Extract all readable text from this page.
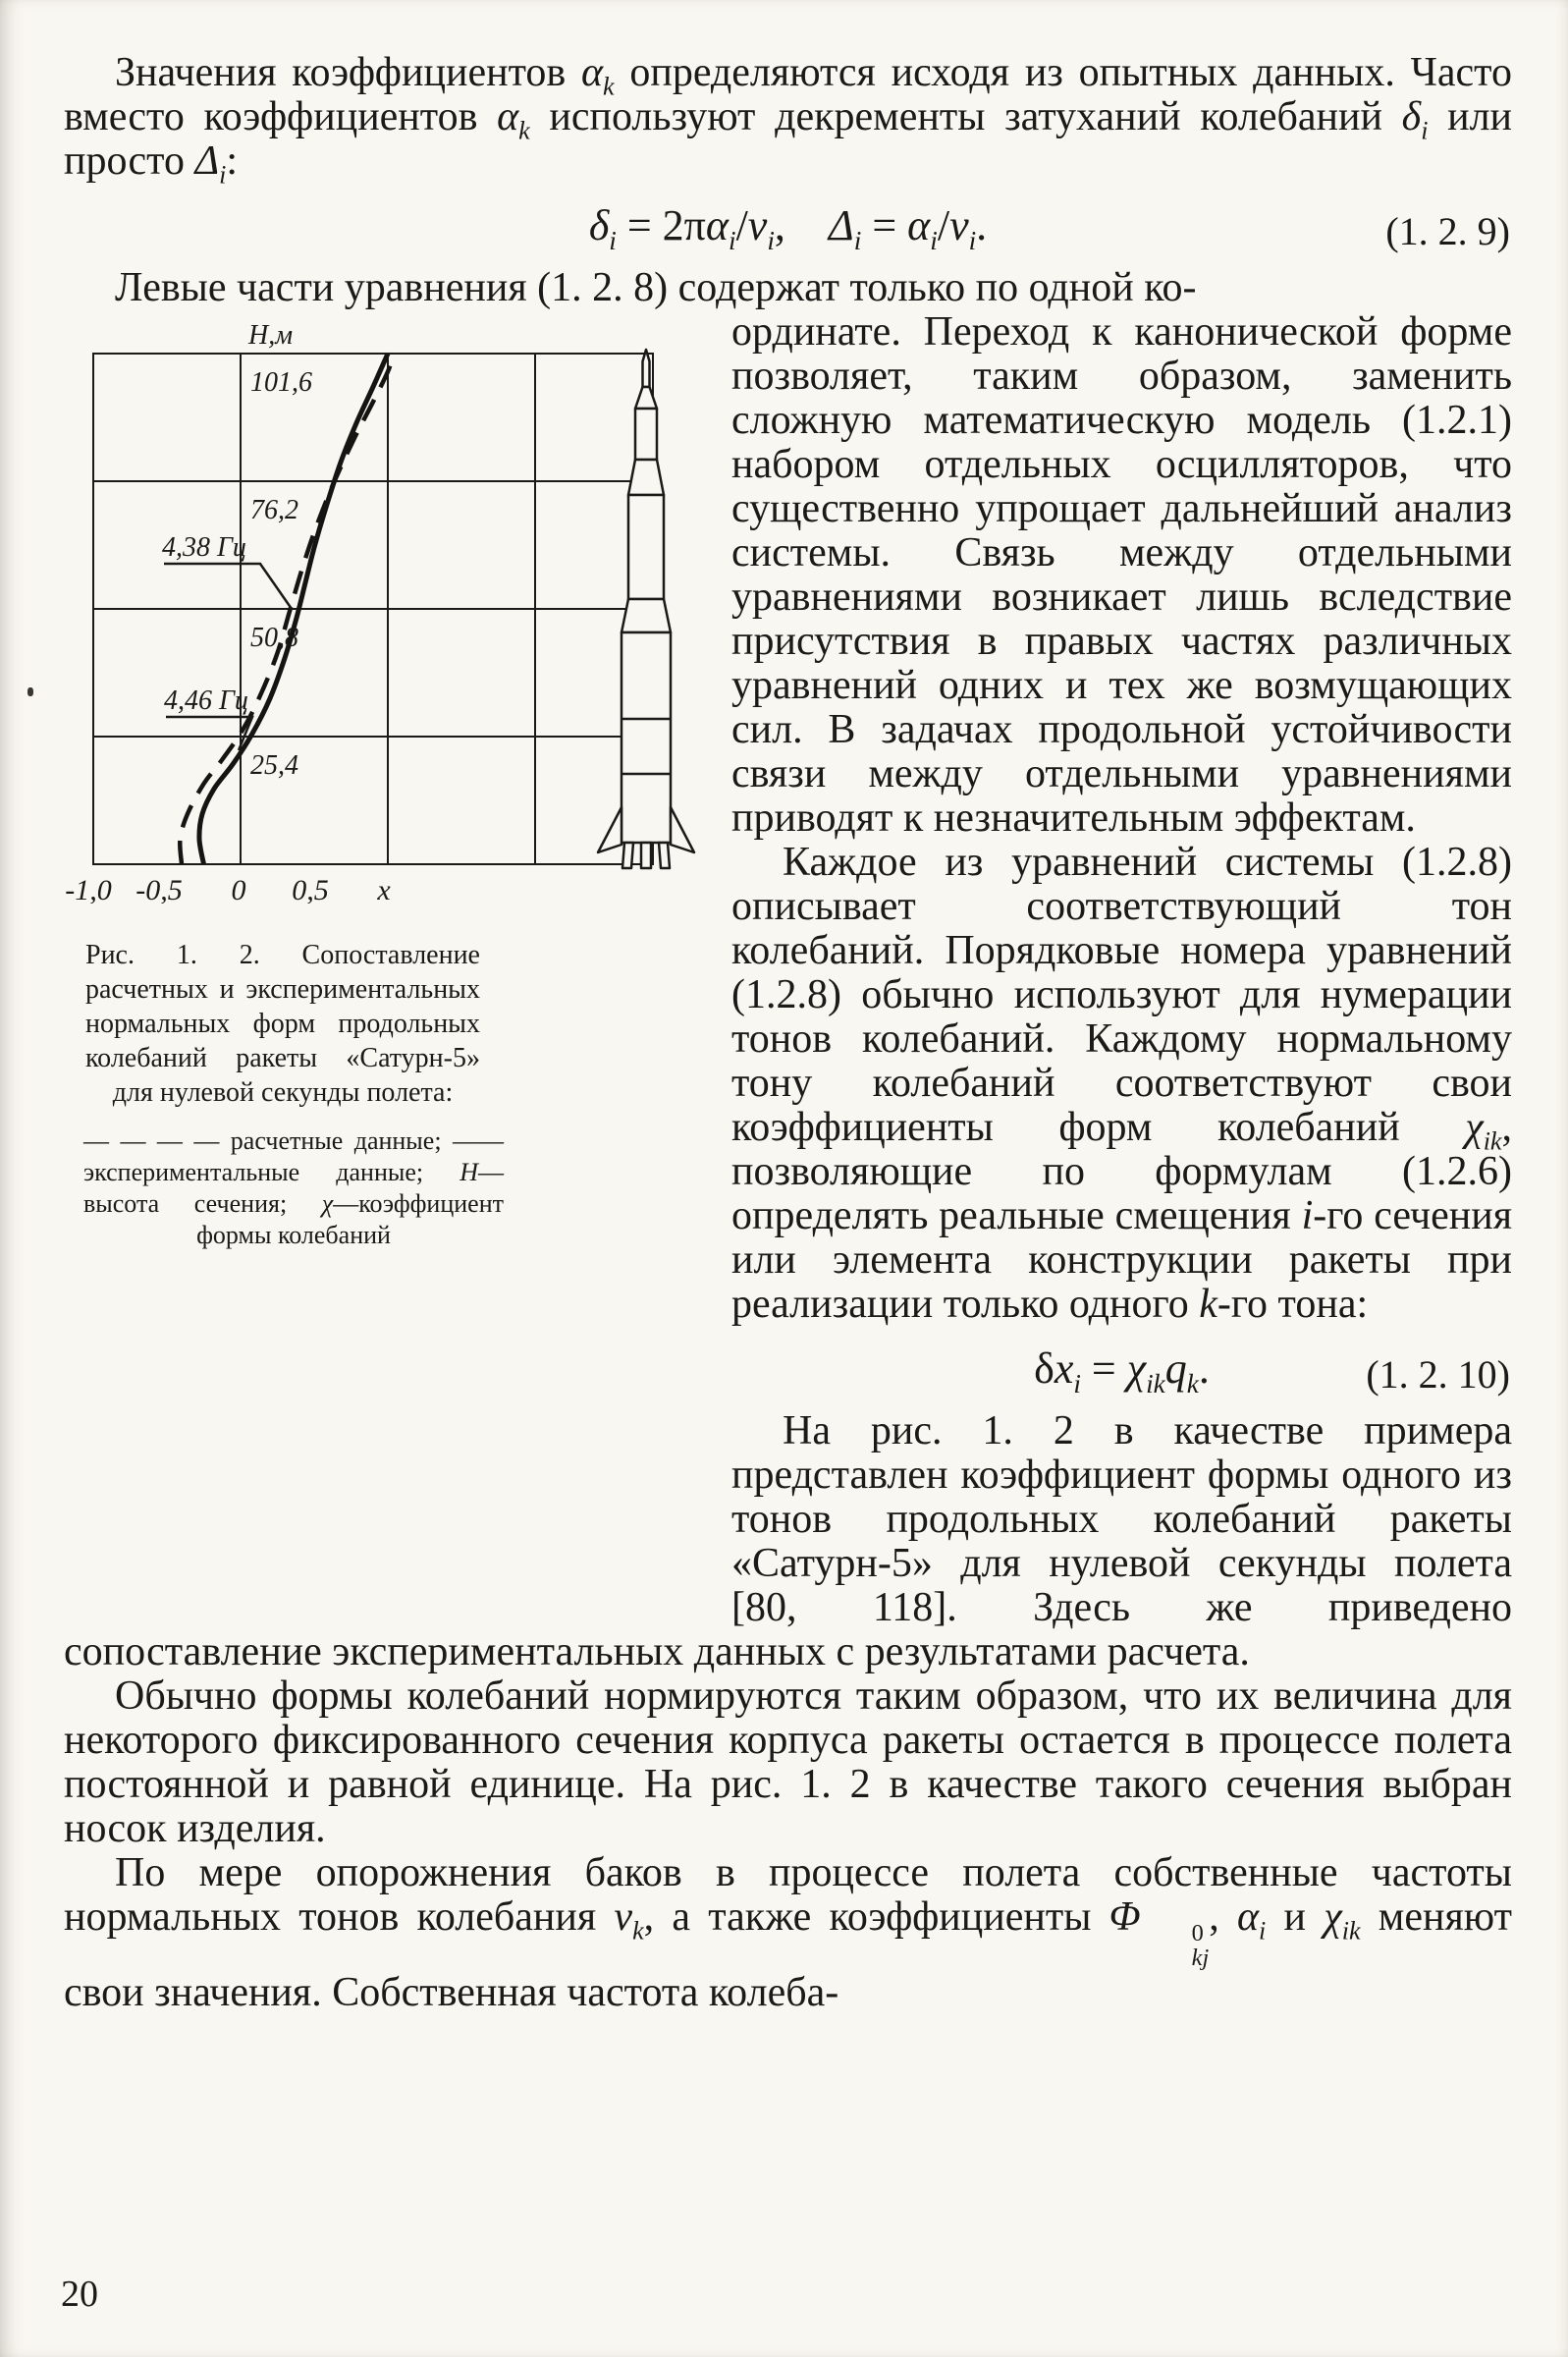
Значения коэффициентов $\alpha_k$ определяются исходя из опытных данных. Часто вместо коэффициентов $\alpha_k$ используют декременты затуханий колебаний $\delta_i$ или просто $\Delta_i$:

$\delta_i = 2\pi\alpha_i/\nu_i$,  $\Delta_i = \alpha_i/\nu_i$.	(1. 2. 9)

Левые части уравнения (1. 2. 8) содержат только по одной ко-

Н,м
101,6
76,2
50,8
25,4
4,38 Гц
4,46 Гц
-1,0 -0,5 0 0,5 х
Рис. 1. 2. Сопоставление расчетных и экспериментальных нормальных форм продольных колебаний ракеты «Сатурн-5» для нулевой секунды полета:
— — — — расчетные данные; —— экспериментальные данные; Н—высота сечения; χ—коэффициент формы колебаний

ординате. Переход к канонической форме позволяет, таким образом, заменить сложную математическую модель (1.2.1) набором отдельных осцилляторов, что существенно упрощает дальнейший анализ системы. Связь между отдельными уравнениями возникает лишь вследствие присутствия в правых частях различных уравнений одних и тех же возмущающих сил. В задачах продольной устойчивости связи между отдельными уравнениями приводят к незначительным эффектам.

Каждое из уравнений системы (1.2.8) описывает соответствующий тон колебаний. Порядковые номера уравнений (1.2.8) обычно используют для нумерации тонов колебаний. Каждому нормальному тону колебаний соответствуют свои коэффициенты форм колебаний $\chi_{ik}$, позволяющие по формулам (1.2.6) определять реальные смещения i-го сечения или элемента конструкции ракеты при реализации только одного k-го тона:

$\delta x_i = \chi_{ik}q_k$.	(1. 2. 10)

На рис. 1. 2 в качестве примера представлен коэффициент формы одного из тонов продольных колебаний ракеты «Сатурн-5» для нулевой секунды полета [80, 118]. Здесь же приведено сопоставление экспериментальных данных с результатами расчета.

Обычно формы колебаний нормируются таким образом, что их величина для некоторого фиксированного сечения корпуса ракеты остается в процессе полета постоянной и равной единице. На рис. 1. 2 в качестве такого сечения выбран носок изделия.

По мере опорожнения баков в процессе полета собственные частоты нормальных тонов колебания $\nu_k$, а также коэффициенты Φ	0
kj
, $\alpha_i$ и $\chi_{ik}$ меняют свои значения. Собственная частота колеба-

20
